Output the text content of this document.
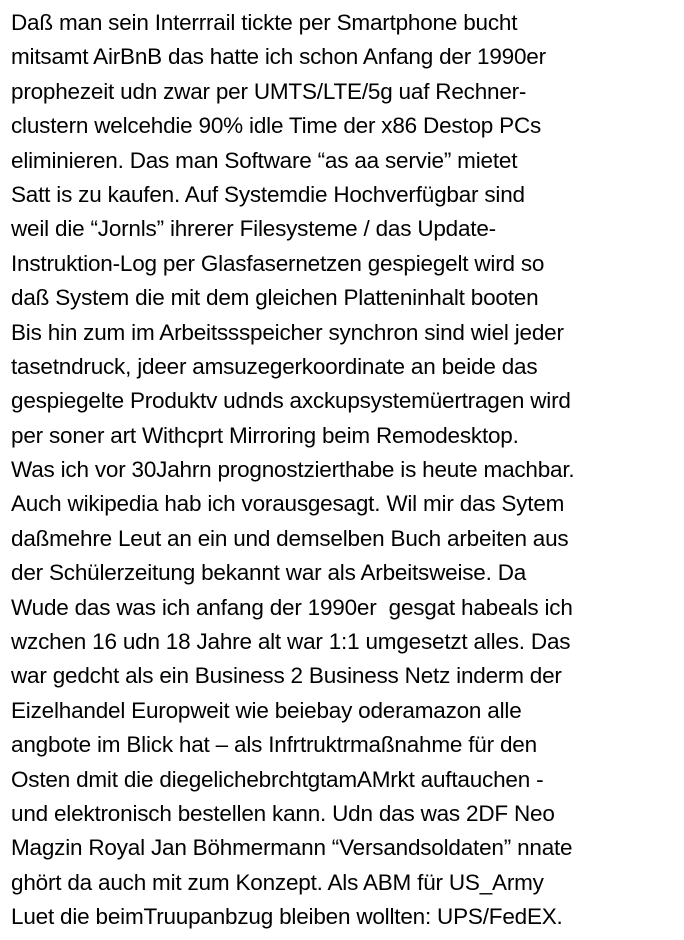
Daß man sein Interrrail tickte per Smartphone bucht
mitsamt AirBnB das hatte ich schon Anfang der 1990er
prophezeit udn zwar per UMTS/LTE/5g uaf Rechner-
clustern welcehdie 90% idle Time der x86 Destop PCs
eliminieren. Das man Software “as aa servie” mietet
Satt is zu kaufen. Auf Systemdie Hochverfügbar sind
weil die “Jornls” ihrerer Filesysteme / das Update-
Instruktion-Log per Glasfasernetzen gespiegelt wird so
daß System die mit dem gleichen Platteninhalt booten
Bis hin zum im Arbeitssspeicher synchron sind wiel jeder
tasetndruck, jdeer amsuzegerkoordinate an beide das
gespiegelte Produktv udnds axckupsystemüertragen wird
per soner art Withcprt Mirroring beim Remodesktop.
Was ich vor 30Jahrn prognostzierthabe is heute machbar.
Auch wikipedia hab ich vorausgesagt. Wil mir das Sytem
daßmehre Leut an ein und demselben Buch arbeiten aus
der Schülerzeitung bekannt war als Arbeitsweise. Da
Wude das was ich anfang der 1990er  gesgat habeals ich
wzchen 16 udn 18 Jahre alt war 1:1 umgesetzt alles. Das
war gedcht als ein Business 2 Business Netz inderm der
Eizelhandel Europweit wie beiebay oderamazon alle
angbote im Blick hat – als Infrtruktrmaßnahme für den
Osten dmit die diegelichebrchtgtamAMrkt auftauchen -
und elektronisch bestellen kann. Udn das was 2DF Neo
Magzin Royal Jan Böhmermann “Versandsoldaten” nnate
ghört da auch mit zum Konzept. Als ABM für US_Army
Luet die beimTruupanbzug bleiben wollten: UPS/FedEX.
